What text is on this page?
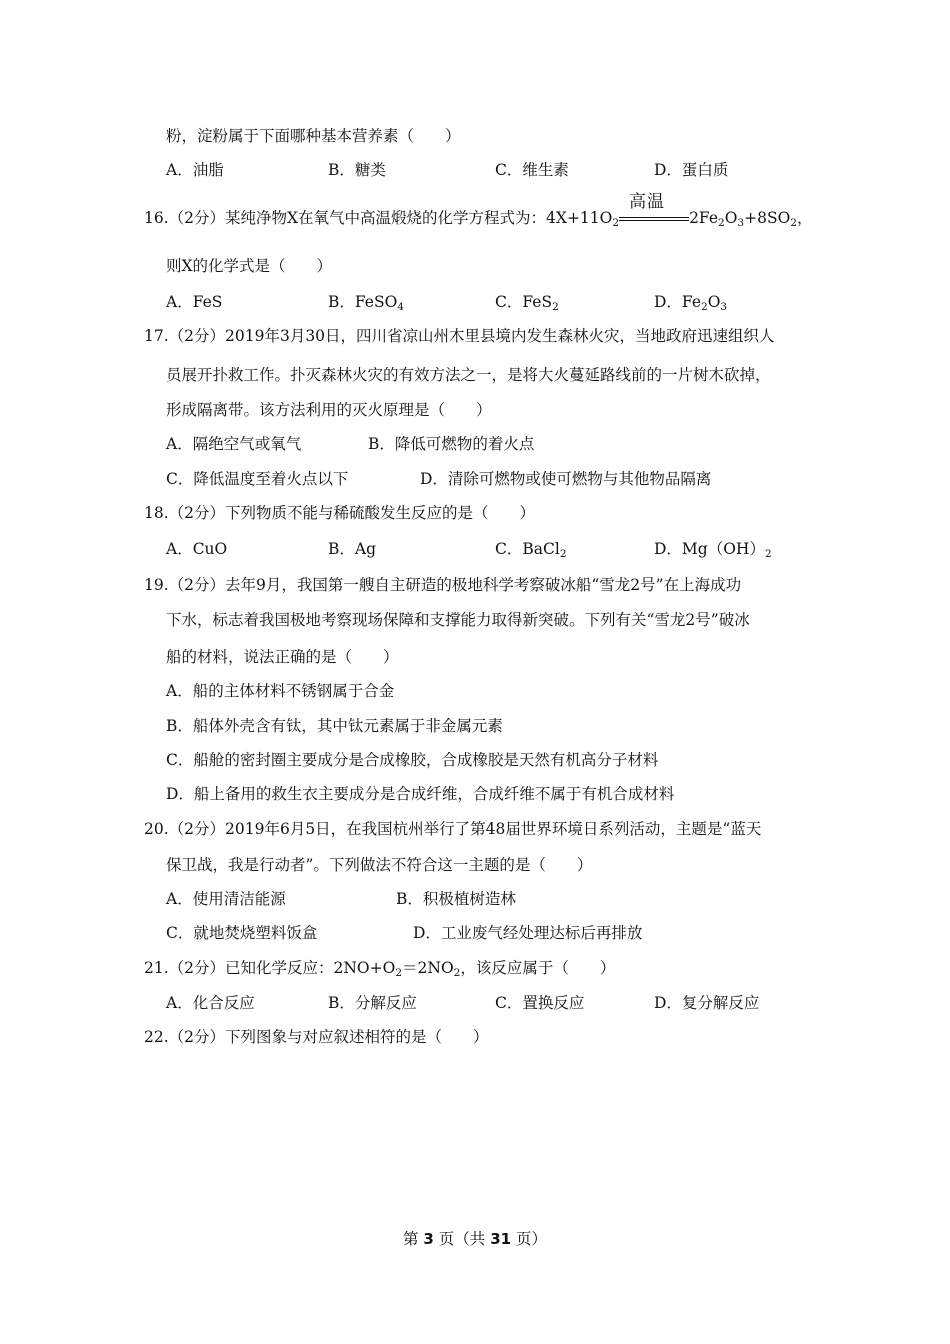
粉，淀粉属于下面哪种基本营养素（　　）
A．油脂	B．糖类	C．维生素	D．蛋白质
16.（2分）某纯净物X在氧气中高温煅烧的化学方程式为：$4X+11O_2$
高温
$2Fe_2O_3+8SO_2$，
则X的化学式是（　　）
A．FeS	B．FeSO$_4$	C．FeS$_2$	D．$Fe_2O_3$
17.（2分）2019年3月30日，四川省凉山州木里县境内发生森林火灾，当地政府迅速组织人
员展开扑救工作。扑灭森林火灾的有效方法之一，是将大火蔓延路线前的一片树木砍掉，
形成隔离带。该方法利用的灭火原理是（　　）
A．隔绝空气或氧气	B．降低可燃物的着火点
C．降低温度至着火点以下	D．清除可燃物或使可燃物与其他物品隔离
18.（2分）下列物质不能与稀硫酸发生反应的是（　　）
A．CuO	B．Ag	C．BaCl$_2$	D．$Mg(OH)_2$
19.（2分）去年9月，我国第一艘自主研造的极地科学考察破冰船“雪龙2号”在上海成功
下水，标志着我国极地考察现场保障和支撑能力取得新突破。下列有关“雪龙2号”破冰
船的材料，说法正确的是（　　）
A．船的主体材料不锈钢属于合金
B．船体外壳含有钛，其中钛元素属于非金属元素
C．船舱的密封圈主要成分是合成橡胶，合成橡胶是天然有机高分子材料
D．船上备用的救生衣主要成分是合成纤维，合成纤维不属于有机合成材料
20.（2分）2019年6月5日，在我国杭州举行了第48届世界环境日系列活动，主题是“蓝天
保卫战，我是行动者”。下列做法不符合这一主题的是（　　）
A．使用清洁能源	B．积极植树造林
C．就地焚烧塑料饭盒	D．工业废气经处理达标后再排放
21.（2分）已知化学反应：$2NO+O_2=2NO_2$，该反应属于（　　）
A．化合反应	B．分解反应	C．置换反应	D．复分解反应
22.（2分）下列图象与对应叙述相符的是（　　）
第 3 页（共 31 页）
